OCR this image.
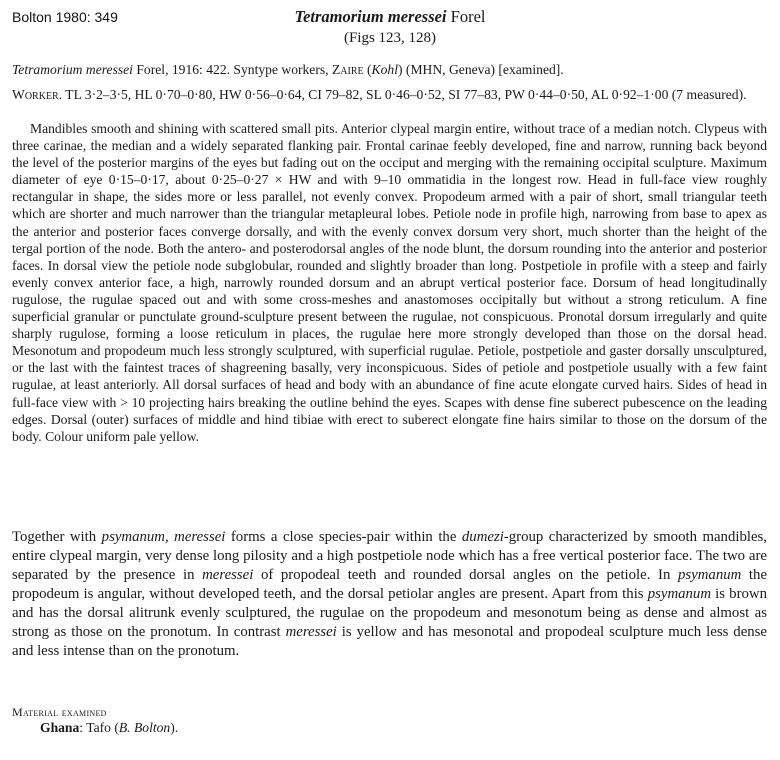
Bolton 1980: 349	Tetramorium meressei Forel
(Figs 123, 128)
Tetramorium meressei Forel, 1916: 422. Syntype workers, Zaire (Kohl) (MHN, Geneva) [examined].
Worker. TL 3·2–3·5, HL 0·70–0·80, HW 0·56–0·64, CI 79–82, SL 0·46–0·52, SI 77–83, PW 0·44–0·50, AL 0·92–1·00 (7 measured).

Mandibles smooth and shining with scattered small pits. Anterior clypeal margin entire, without trace of a median notch. Clypeus with three carinae, the median and a widely separated flanking pair. Frontal carinae feebly developed, fine and narrow, running back beyond the level of the posterior margins of the eyes but fading out on the occiput and merging with the remaining occipital sculpture. Maximum diameter of eye 0·15–0·17, about 0·25–0·27 × HW and with 9–10 ommatidia in the longest row. Head in full-face view roughly rectangular in shape, the sides more or less parallel, not evenly convex. Propodeum armed with a pair of short, small triangular teeth which are shorter and much narrower than the triangular metapleural lobes. Petiole node in profile high, narrowing from base to apex as the anterior and posterior faces converge dorsally, and with the evenly convex dorsum very short, much shorter than the height of the tergal portion of the node. Both the antero- and posterodorsal angles of the node blunt, the dorsum rounding into the anterior and posterior faces. In dorsal view the petiole node subglobular, rounded and slightly broader than long. Postpetiole in profile with a steep and fairly evenly convex anterior face, a high, narrowly rounded dorsum and an abrupt vertical posterior face. Dorsum of head longitudinally rugulose, the rugulae spaced out and with some cross-meshes and anastomoses occipitally but without a strong reticulum. A fine superficial granular or punctulate ground-sculpture present between the rugulae, not conspicuous. Pronotal dorsum irregularly and quite sharply rugulose, forming a loose reticulum in places, the rugulae here more strongly developed than those on the dorsal head. Mesonotum and propodeum much less strongly sculptured, with superficial rugulae. Petiole, postpetiole and gaster dorsally unsculptured, or the last with the faintest traces of shagreening basally, very inconspicuous. Sides of petiole and postpetiole usually with a few faint rugulae, at least anteriorly. All dorsal surfaces of head and body with an abundance of fine acute elongate curved hairs. Sides of head in full-face view with > 10 projecting hairs breaking the outline behind the eyes. Scapes with dense fine suberect pubescence on the leading edges. Dorsal (outer) surfaces of middle and hind tibiae with erect to suberect elongate fine hairs similar to those on the dorsum of the body. Colour uniform pale yellow.

Together with psymanum, meressei forms a close species-pair within the dumezi-group characterized by smooth mandibles, entire clypeal margin, very dense long pilosity and a high postpetiole node which has a free vertical posterior face. The two are separated by the presence in meressei of propodeal teeth and rounded dorsal angles on the petiole. In psymanum the propodeum is angular, without developed teeth, and the dorsal petiolar angles are present. Apart from this psymanum is brown and has the dorsal alitrunk evenly sculptured, the rugulae on the propodeum and mesonotum being as dense and almost as strong as those on the pronotum. In contrast meressei is yellow and has mesonotal and propodeal sculpture much less dense and less intense than on the pronotum.

Material examined
Ghana: Tafo (B. Bolton).
